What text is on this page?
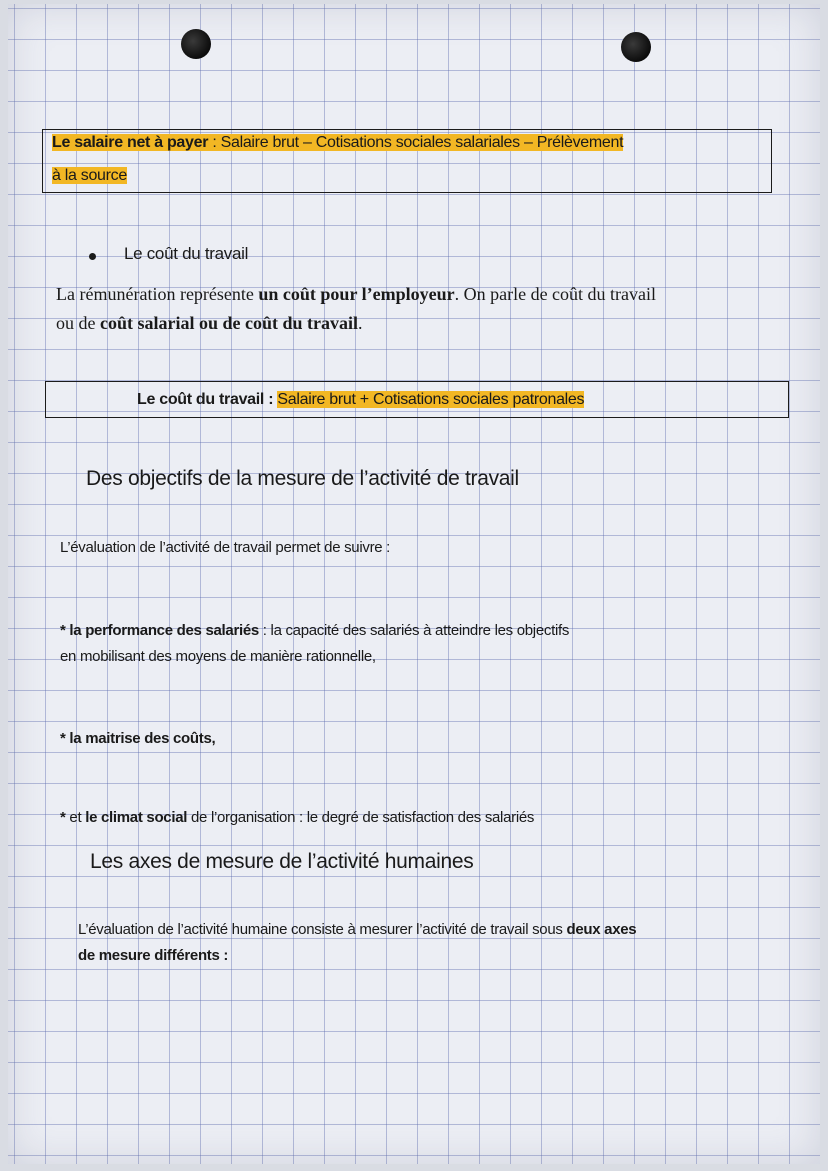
Le salaire net à payer : Salaire brut – Cotisations sociales salariales – Prélèvement
à la source
Le coût du travail
La rémunération représente un coût pour l’employeur. On parle de coût du travail
ou de coût salarial ou de coût du travail.
Le coût du travail : Salaire brut + Cotisations sociales patronales
Des objectifs de la mesure de l’activité de travail
L’évaluation de l’activité de travail permet de suivre :
* la performance des salariés : la capacité des salariés à atteindre les objectifs
en mobilisant des moyens de manière rationnelle,
* la maitrise des coûts,
* et le climat social de l’organisation : le degré de satisfaction des salariés
Les axes de mesure de l’activité humaines
L’évaluation de l’activité humaine consiste à mesurer l’activité de travail sous deux axes
de mesure différents :
